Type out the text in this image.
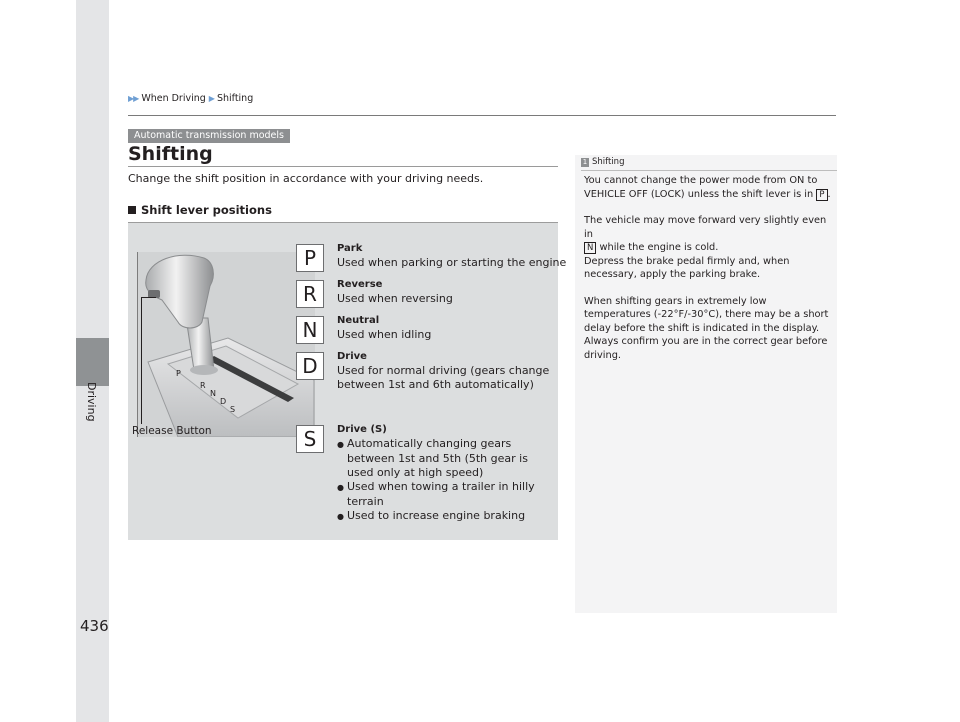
▶▶ When Driving ▶ Shifting
Driving
Automatic transmission models
Shifting
Change the shift position in accordance with your driving needs.
Shift lever positions
P
R
N
D
S
Release Button
P	Park
Used when parking or starting the engine
R	Reverse
Used when reversing
N	Neutral
Used when idling
D	Drive
Used for normal driving (gears change
between 1st and 6th automatically)
S	Drive (S)
● Automatically changing gears between 1st and 5th (5th gear is used only at high speed)
● Used when towing a trailer in hilly terrain
● Used to increase engine braking
1 Shifting

You cannot change the power mode from ON to VEHICLE OFF (LOCK) unless the shift lever is in P .

The vehicle may move forward very slightly even in
N while the engine is cold.
Depress the brake pedal firmly and, when necessary, apply the parking brake.

When shifting gears in extremely low temperatures (-22°F/-30°C), there may be a short delay before the shift is indicated in the display. Always confirm you are in the correct gear before driving.

436
